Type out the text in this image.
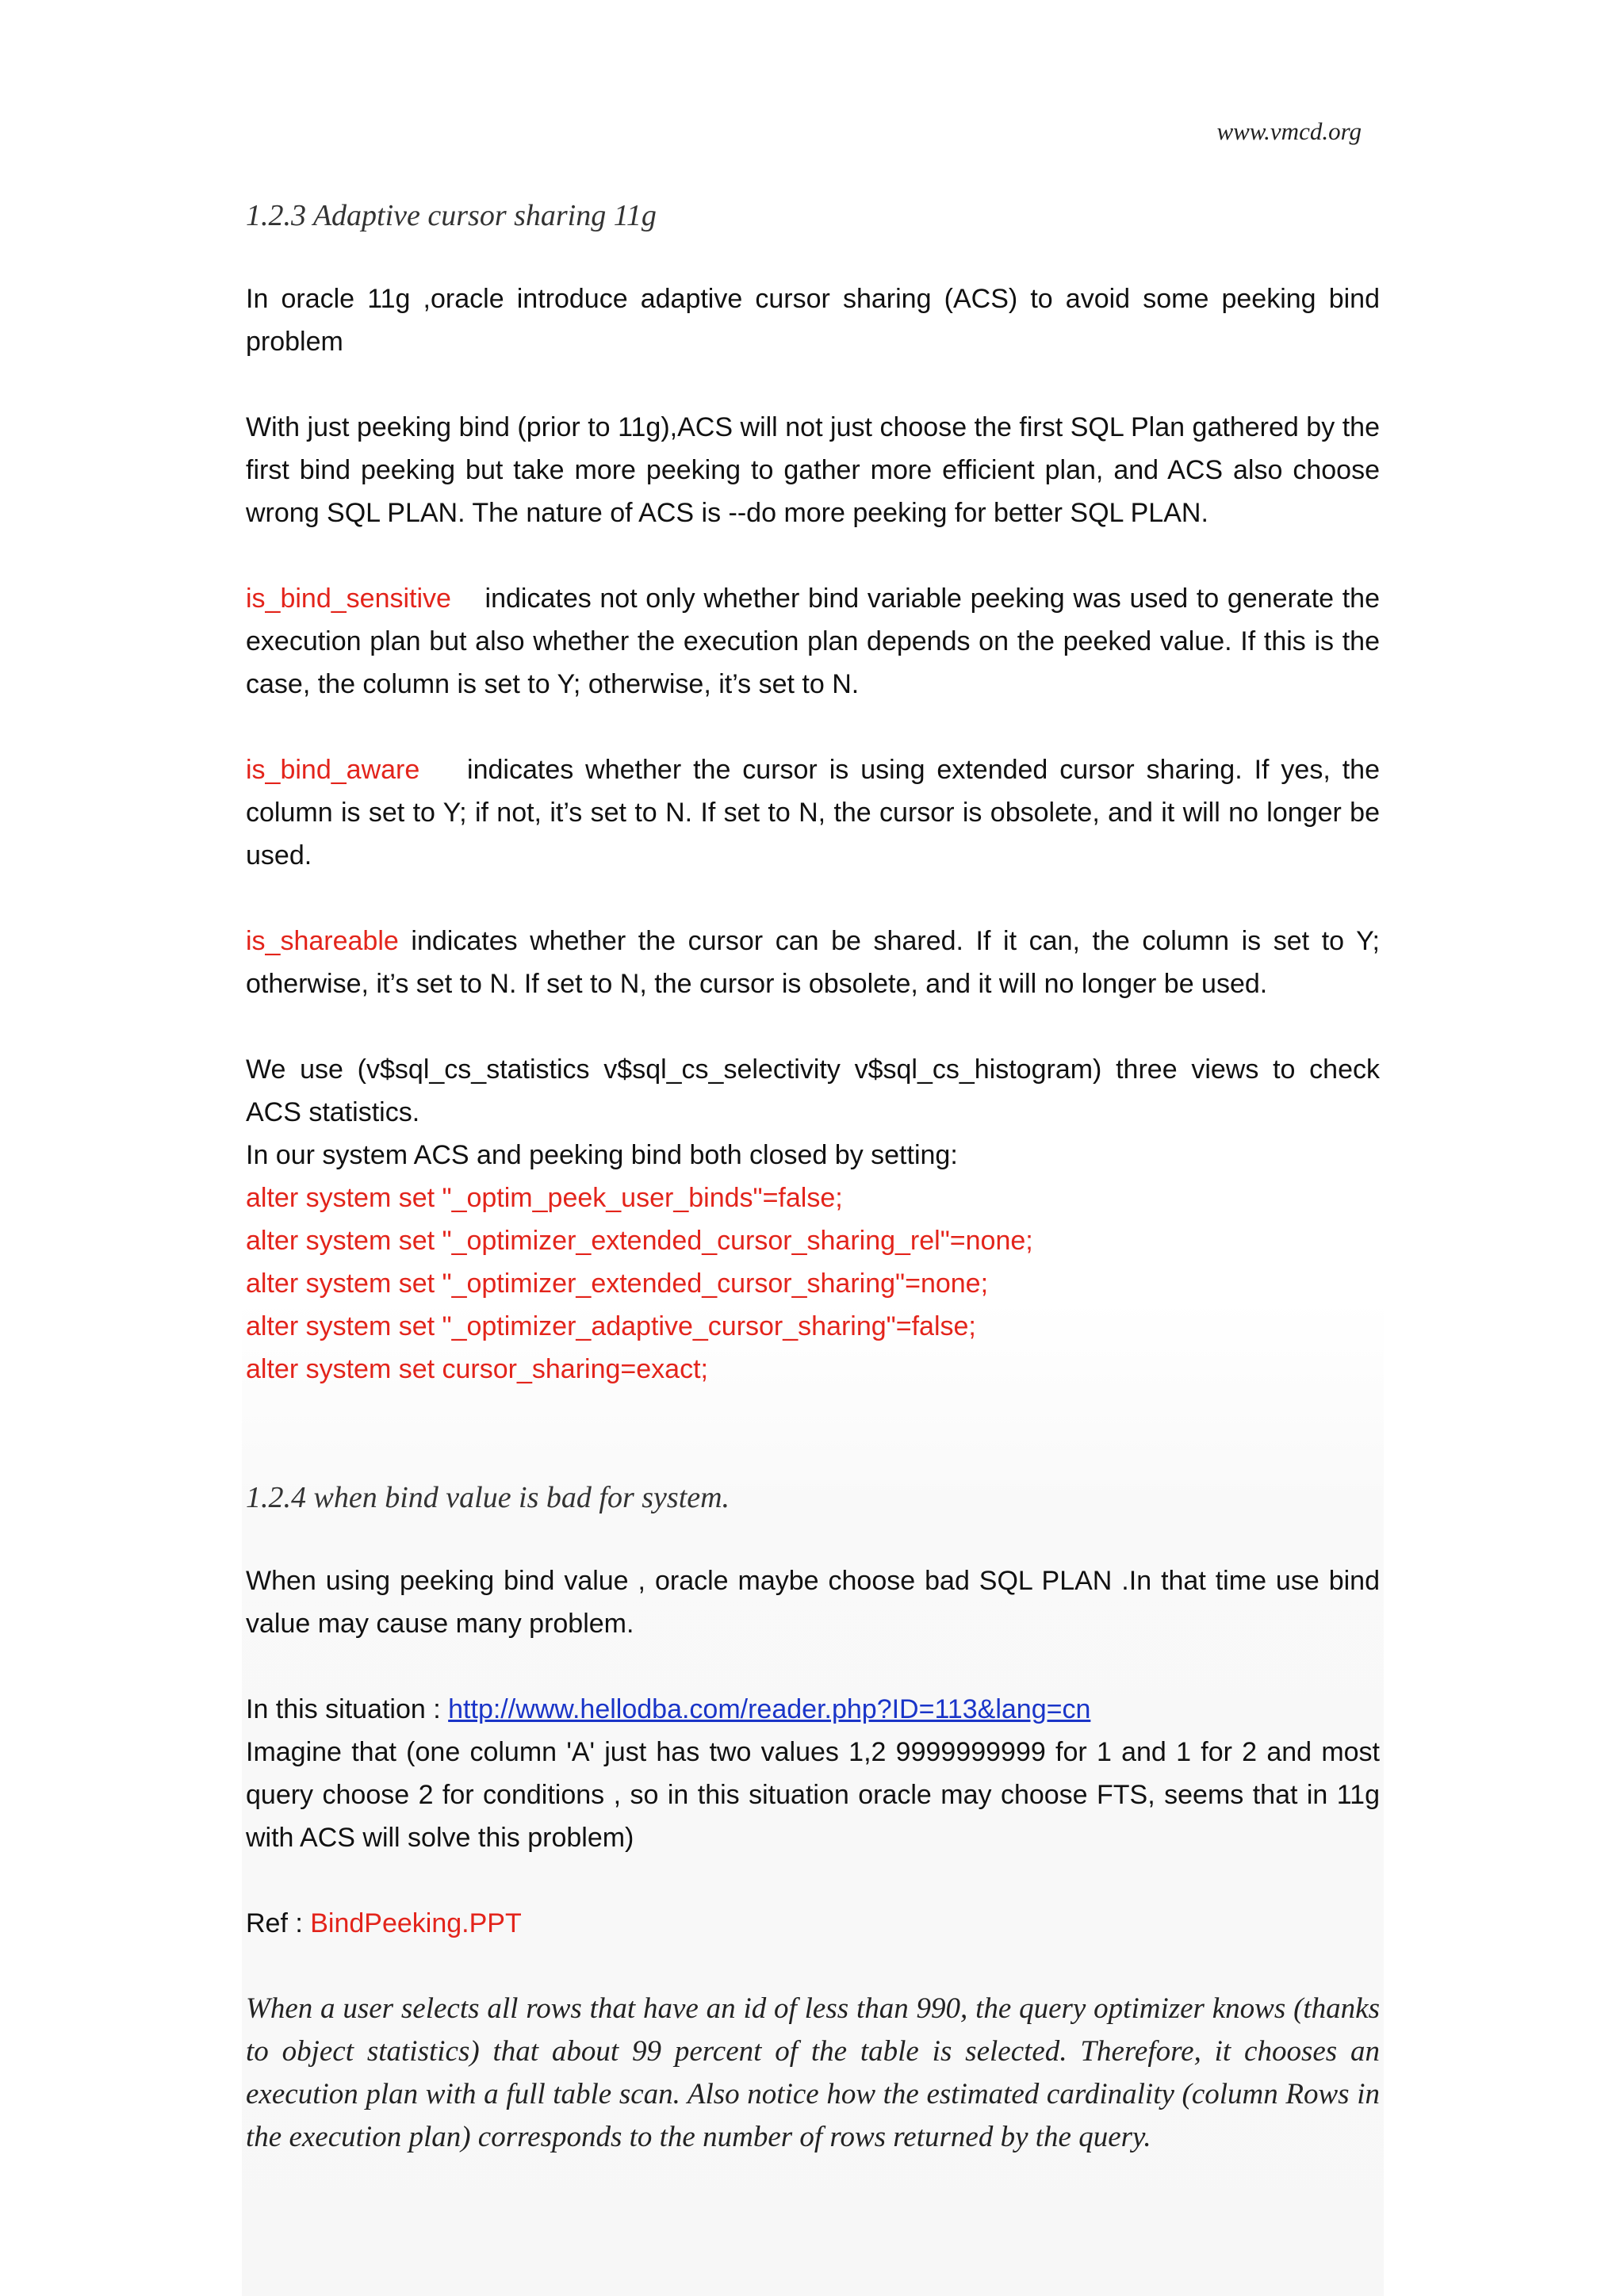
www.vmcd.org
1.2.3 Adaptive cursor sharing 11g

In oracle 11g ,oracle introduce adaptive cursor sharing (ACS) to avoid some peeking bind problem

With just peeking bind (prior to 11g),ACS will not just choose the first SQL Plan gathered by the first bind peeking but take more peeking to gather more efficient plan, and ACS also choose wrong SQL PLAN. The nature of ACS is --do more peeking for better SQL PLAN.

is_bind_sensitive indicates not only whether bind variable peeking was used to generate the execution plan but also whether the execution plan depends on the peeked value. If this is the case, the column is set to Y; otherwise, it’s set to N.

is_bind_aware indicates whether the cursor is using extended cursor sharing. If yes, the column is set to Y; if not, it’s set to N. If set to N, the cursor is obsolete, and it will no longer be used.

is_shareable indicates whether the cursor can be shared. If it can, the column is set to Y; otherwise, it’s set to N. If set to N, the cursor is obsolete, and it will no longer be used.

We use (v$sql_cs_statistics v$sql_cs_selectivity v$sql_cs_histogram) three views to check ACS statistics.

In our system ACS and peeking bind both closed by setting:

alter system set "_optim_peek_user_binds"=false;

alter system set "_optimizer_extended_cursor_sharing_rel"=none;

alter system set "_optimizer_extended_cursor_sharing"=none;

alter system set "_optimizer_adaptive_cursor_sharing"=false;

alter system set cursor_sharing=exact;

1.2.4 when bind value is bad for system.

When using peeking bind value , oracle maybe choose bad SQL PLAN .In that time use bind value may cause many problem.

In this situation : http://www.hellodba.com/reader.php?ID=113&lang=cn

Imagine that (one column 'A' just has two values 1,2 9999999999 for 1 and 1 for 2 and most query choose 2 for conditions , so in this situation oracle may choose FTS, seems that in 11g with ACS will solve this problem)

Ref : BindPeeking.PPT

When a user selects all rows that have an id of less than 990, the query optimizer knows (thanks to object statistics) that about 99 percent of the table is selected. Therefore, it chooses an execution plan with a full table scan. Also notice how the estimated cardinality (column Rows in the execution plan) corresponds to the number of rows returned by the query.
